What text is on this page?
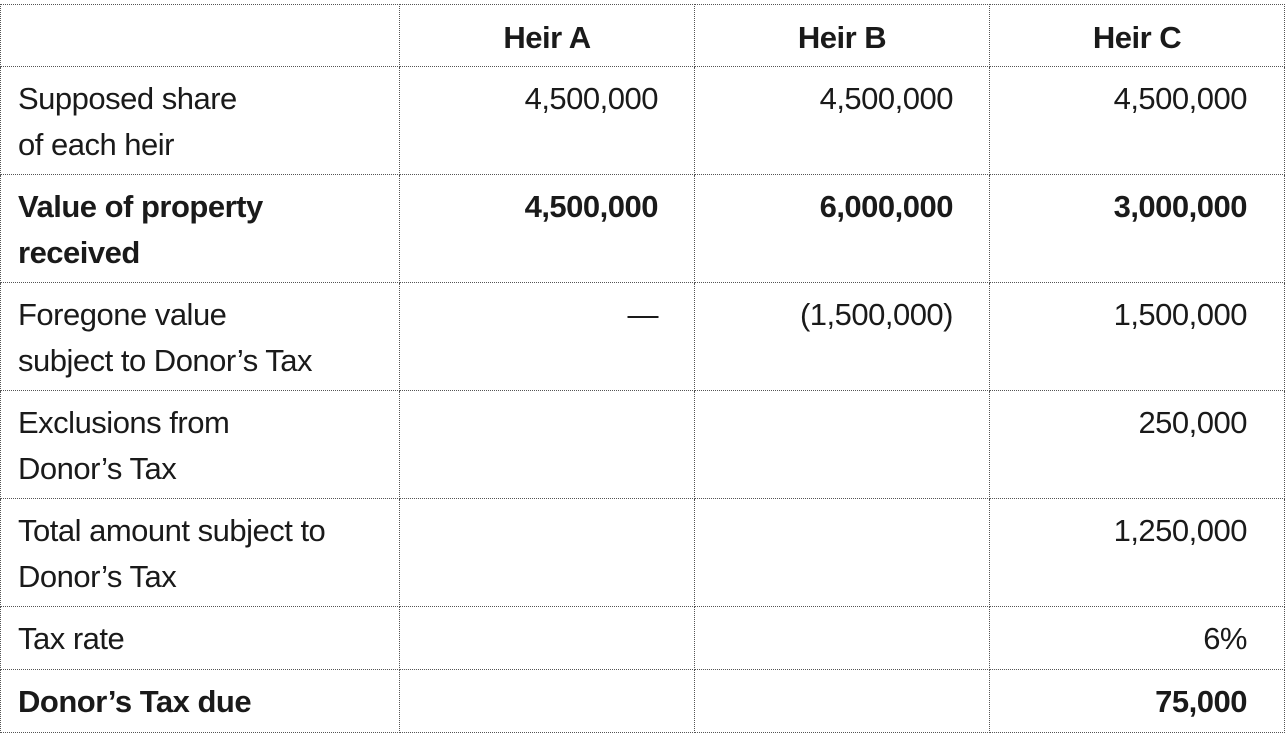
	Heir A	Heir B	Heir C

Supposed share
of each heir	4,500,000	4,500,000	4,500,000

Value of property
received	4,500,000	6,000,000	3,000,000

Foregone value
subject to Donor’s Tax	—	(1,500,000)	1,500,000

Exclusions from
Donor’s Tax			250,000

Total amount subject to
Donor’s Tax			1,250,000

Tax rate			6%

Donor’s Tax due			75,000
